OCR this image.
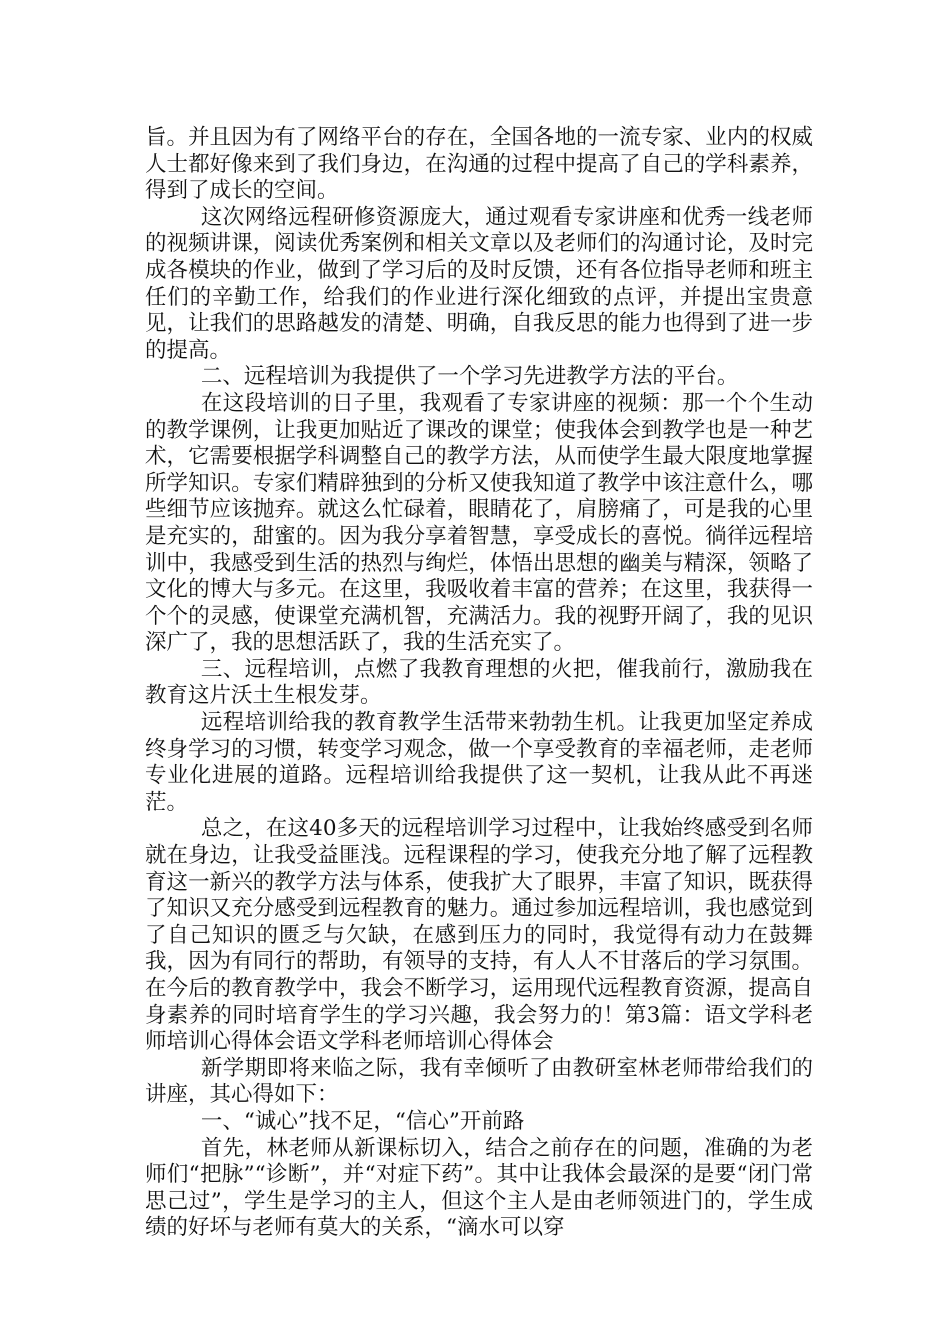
旨。并且因为有了网络平台的存在，全国各地的一流专家、业内的权威人士都好像来到了我们身边，在沟通的过程中提高了自己的学科素养，得到了成长的空间。

这次网络远程研修资源庞大，通过观看专家讲座和优秀一线老师的视频讲课，阅读优秀案例和相关文章以及老师们的沟通讨论，及时完成各模块的作业，做到了学习后的及时反馈，还有各位指导老师和班主任们的辛勤工作，给我们的作业进行深化细致的点评，并提出宝贵意见，让我们的思路越发的清楚、明确，自我反思的能力也得到了进一步的提高。

二、远程培训为我提供了一个学习先进教学方法的平台。

在这段培训的日子里，我观看了专家讲座的视频：那一个个生动的教学课例，让我更加贴近了课改的课堂；使我体会到教学也是一种艺术，它需要根据学科调整自己的教学方法，从而使学生最大限度地掌握所学知识。专家们精辟独到的分析又使我知道了教学中该注意什么，哪些细节应该抛弃。就这么忙碌着，眼睛花了，肩膀痛了，可是我的心里是充实的，甜蜜的。因为我分享着智慧，享受成长的喜悦。徜徉远程培训中，我感受到生活的热烈与绚烂，体悟出思想的幽美与精深，领略了文化的博大与多元。在这里，我吸收着丰富的营养；在这里，我获得一个个的灵感，使课堂充满机智，充满活力。我的视野开阔了，我的见识深广了，我的思想活跃了，我的生活充实了。

三、远程培训，点燃了我教育理想的火把，催我前行，激励我在教育这片沃土生根发芽。

远程培训给我的教育教学生活带来勃勃生机。让我更加坚定养成终身学习的习惯，转变学习观念，做一个享受教育的幸福老师，走老师专业化进展的道路。远程培训给我提供了这一契机，让我从此不再迷茫。

总之，在这40多天的远程培训学习过程中，让我始终感受到名师就在身边，让我受益匪浅。远程课程的学习，使我充分地了解了远程教育这一新兴的教学方法与体系，使我扩大了眼界，丰富了知识，既获得了知识又充分感受到远程教育的魅力。通过参加远程培训，我也感觉到了自己知识的匮乏与欠缺，在感到压力的同时，我觉得有动力在鼓舞我，因为有同行的帮助，有领导的支持，有人人不甘落后的学习氛围。在今后的教育教学中，我会不断学习，运用现代远程教育资源，提高自身素养的同时培育学生的学习兴趣，我会努力的！第3篇：语文学科老师培训心得体会语文学科老师培训心得体会

新学期即将来临之际，我有幸倾听了由教研室林老师带给我们的讲座，其心得如下：

一、“诚心”找不足，“信心”开前路

首先，林老师从新课标切入，结合之前存在的问题，准确的为老师们“把脉”“诊断”，并“对症下药”。其中让我体会最深的是要“闭门常思己过”，学生是学习的主人，但这个主人是由老师领进门的，学生成绩的好坏与老师有莫大的关系，“滴水可以穿
